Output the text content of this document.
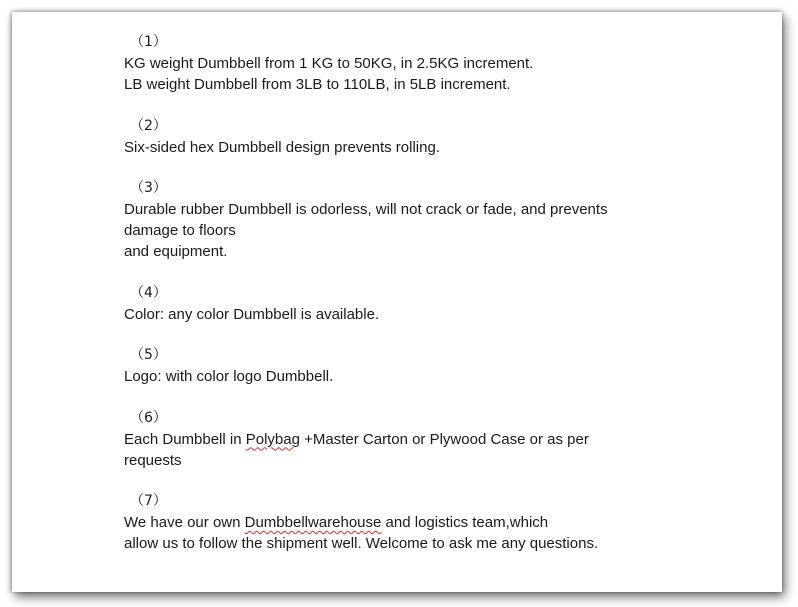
（1）
KG weight Dumbbell from 1 KG to 50KG, in 2.5KG increment.
LB weight Dumbbell from 3LB to 110LB, in 5LB increment.
（2）
Six-sided hex Dumbbell design prevents rolling.
（3）
Durable rubber Dumbbell is odorless, will not crack or fade, and prevents
damage to floors
and equipment.
（4）
Color: any color Dumbbell is available.
（5）
Logo: with color logo Dumbbell.
（6）
Each Dumbbell in Polybag +Master Carton or Plywood Case or as per
requests
（7）
We have our own Dumbbellwarehouse and logistics team,which
allow us to follow the shipment well. Welcome to ask me any questions.
